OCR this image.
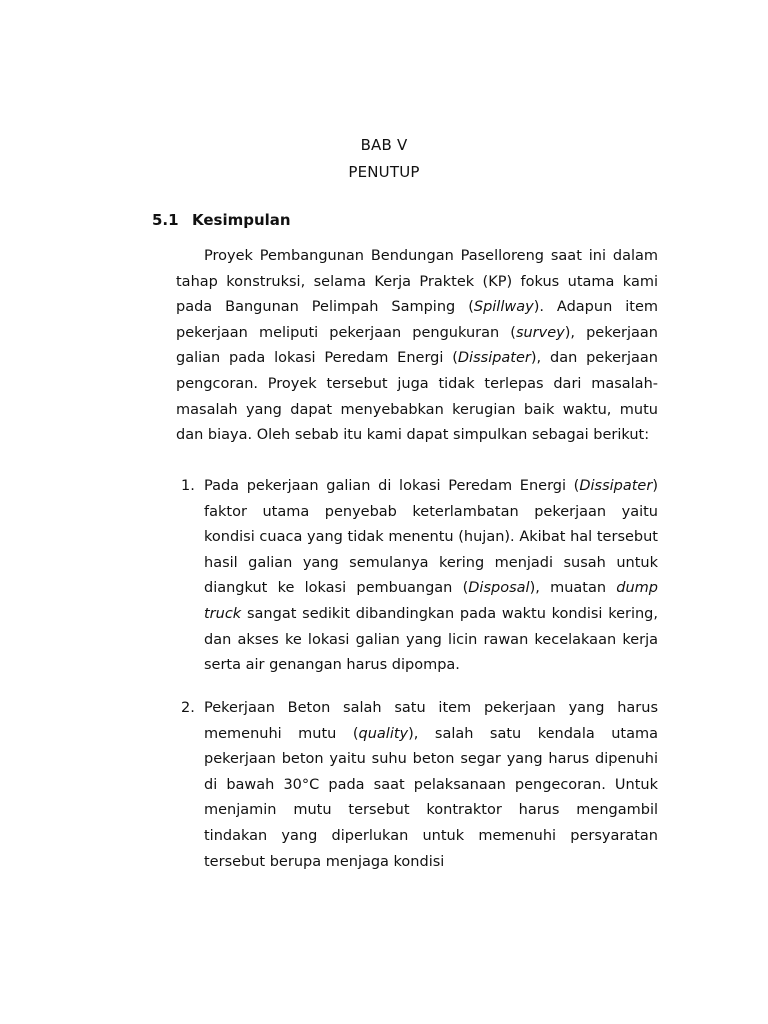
BAB V
PENUTUP
5.1 Kesimpulan

Proyek Pembangunan Bendungan Paselloreng saat ini dalam tahap konstruksi, selama Kerja Praktek (KP) fokus utama kami pada Bangunan Pelimpah Samping (Spillway). Adapun item pekerjaan meliputi pekerjaan pengukuran (survey), pekerjaan galian pada lokasi Peredam Energi (Dissipater), dan pekerjaan pengcoran. Proyek tersebut juga tidak terlepas dari masalah-masalah yang dapat menyebabkan kerugian baik waktu, mutu dan biaya. Oleh sebab itu kami dapat simpulkan sebagai berikut:

1. Pada pekerjaan galian di lokasi Peredam Energi (Dissipater) faktor utama penyebab keterlambatan pekerjaan yaitu kondisi cuaca yang tidak menentu (hujan). Akibat hal tersebut hasil galian yang semulanya kering menjadi susah untuk diangkut ke lokasi pembuangan (Disposal), muatan dump truck sangat sedikit dibandingkan pada waktu kondisi kering, dan akses ke lokasi galian yang licin rawan kecelakaan kerja serta air genangan harus dipompa.
2. Pekerjaan Beton salah satu item pekerjaan yang harus memenuhi mutu (quality), salah satu kendala utama pekerjaan beton yaitu suhu beton segar yang harus dipenuhi di bawah 30°C pada saat pelaksanaan pengecoran. Untuk menjamin mutu tersebut kontraktor harus mengambil tindakan yang diperlukan untuk memenuhi persyaratan tersebut berupa menjaga kondisi
